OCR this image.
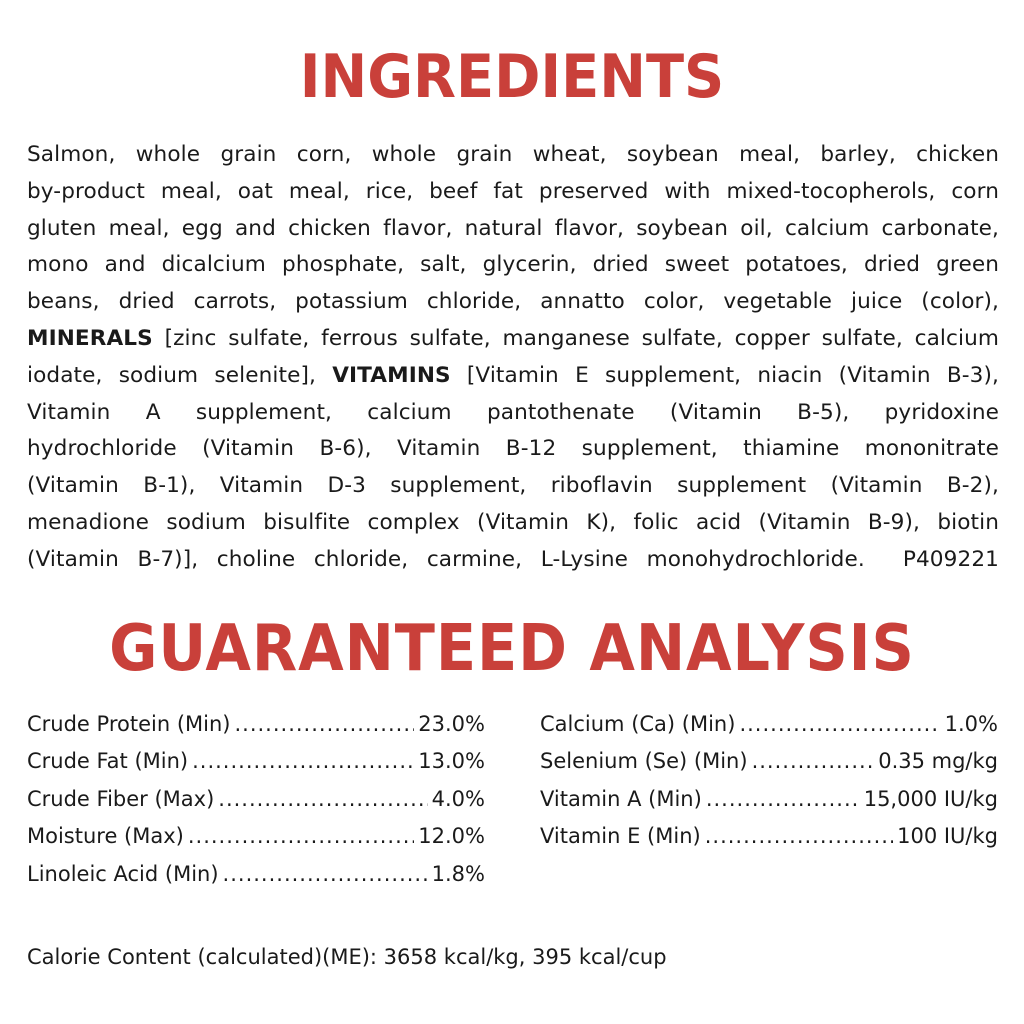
INGREDIENTS
Salmon, whole grain corn, whole grain wheat, soybean meal, barley, chicken
by-product meal, oat meal, rice, beef fat preserved with mixed-tocopherols, corn
gluten meal, egg and chicken flavor, natural flavor, soybean oil, calcium carbonate,
mono and dicalcium phosphate, salt, glycerin, dried sweet potatoes, dried green
beans, dried carrots, potassium chloride, annatto color, vegetable juice (color),
MINERALS [zinc sulfate, ferrous sulfate, manganese sulfate, copper sulfate, calcium
iodate, sodium selenite], VITAMINS [Vitamin E supplement, niacin (Vitamin B-3),
Vitamin A supplement, calcium pantothenate (Vitamin B-5), pyridoxine
hydrochloride (Vitamin B-6), Vitamin B-12 supplement, thiamine mononitrate
(Vitamin B-1), Vitamin D-3 supplement, riboflavin supplement (Vitamin B-2),
menadione sodium bisulfite complex (Vitamin K), folic acid (Vitamin B-9), biotin
(Vitamin B-7)], choline chloride, carmine, L-Lysine monohydrochloride. P409221
GUARANTEED ANALYSIS
Crude Protein (Min) .....	23.0%
Crude Fat (Min) .....	13.0%
Crude Fiber (Max) .....	4.0%
Moisture (Max) .....	12.0%
Linoleic Acid (Min) .....	1.8%
Calcium (Ca) (Min) .....	1.0%
Selenium (Se) (Min) .....	0.35 mg/kg
Vitamin A (Min) .....	15,000 IU/kg
Vitamin E (Min) .....	100 IU/kg
Calorie Content (calculated)(ME): 3658 kcal/kg, 395 kcal/cup
